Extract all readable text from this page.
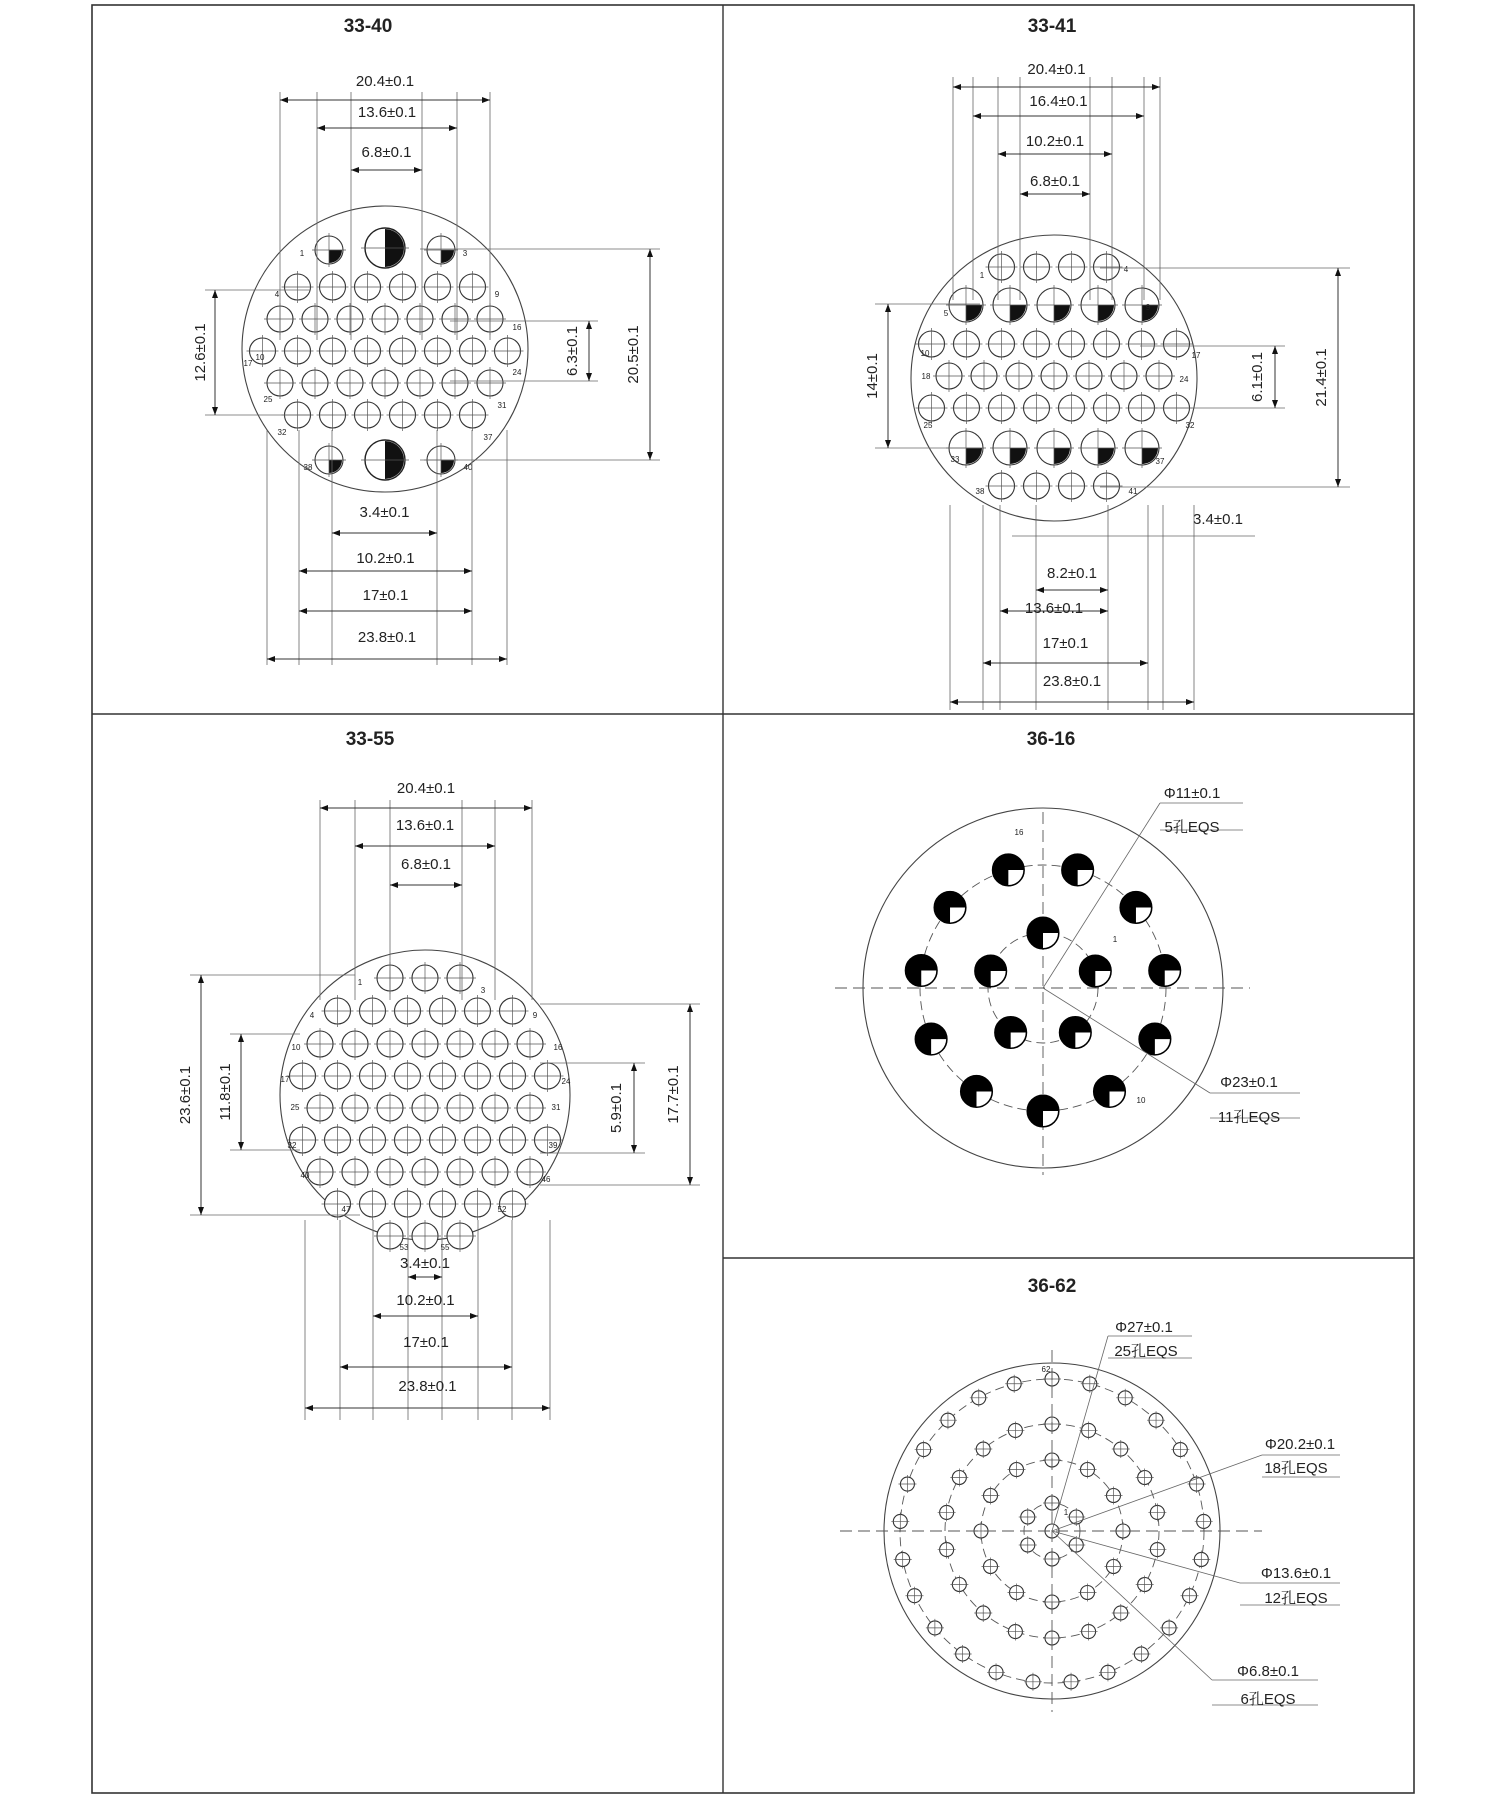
33-40
1	3
4	9
10
16
17
24
25
31
32
37
38	40
20.4±0.1
13.6±0.1
6.8±0.1
12.6±0.1	6.3±0.1	20.5±0.1
3.4±0.1
10.2±0.1
17±0.1
23.8±0.1
33-41
1
4
5
9
10	17
18	24
25	32
33	37
38	41
20.4±0.1
16.4±0.1
10.2±0.1
6.8±0.1
14±0.1	6.1±0.1	21.4±0.1
3.4±0.1
8.2±0.1
13.6±0.1
17±0.1
23.8±0.1
33-55
1
3
4	9
10	16
17	24
25	31
32	39
40	46
47	52
53	55
20.4±0.1
13.6±0.1
6.8±0.1
23.6±0.1 11.8±0.1	5.9±0.1	17.7±0.1
3.4±0.1
10.2±0.1
17±0.1
23.8±0.1
36-16
16
1
10
Φ11±0.1
5孔EQS
Φ23±0.1
11孔EQS
36-62
62
1
Φ27±0.1
25孔EQS
Φ20.2±0.1
18孔EQS
Φ13.6±0.1
12孔EQS
Φ6.8±0.1
6孔EQS
